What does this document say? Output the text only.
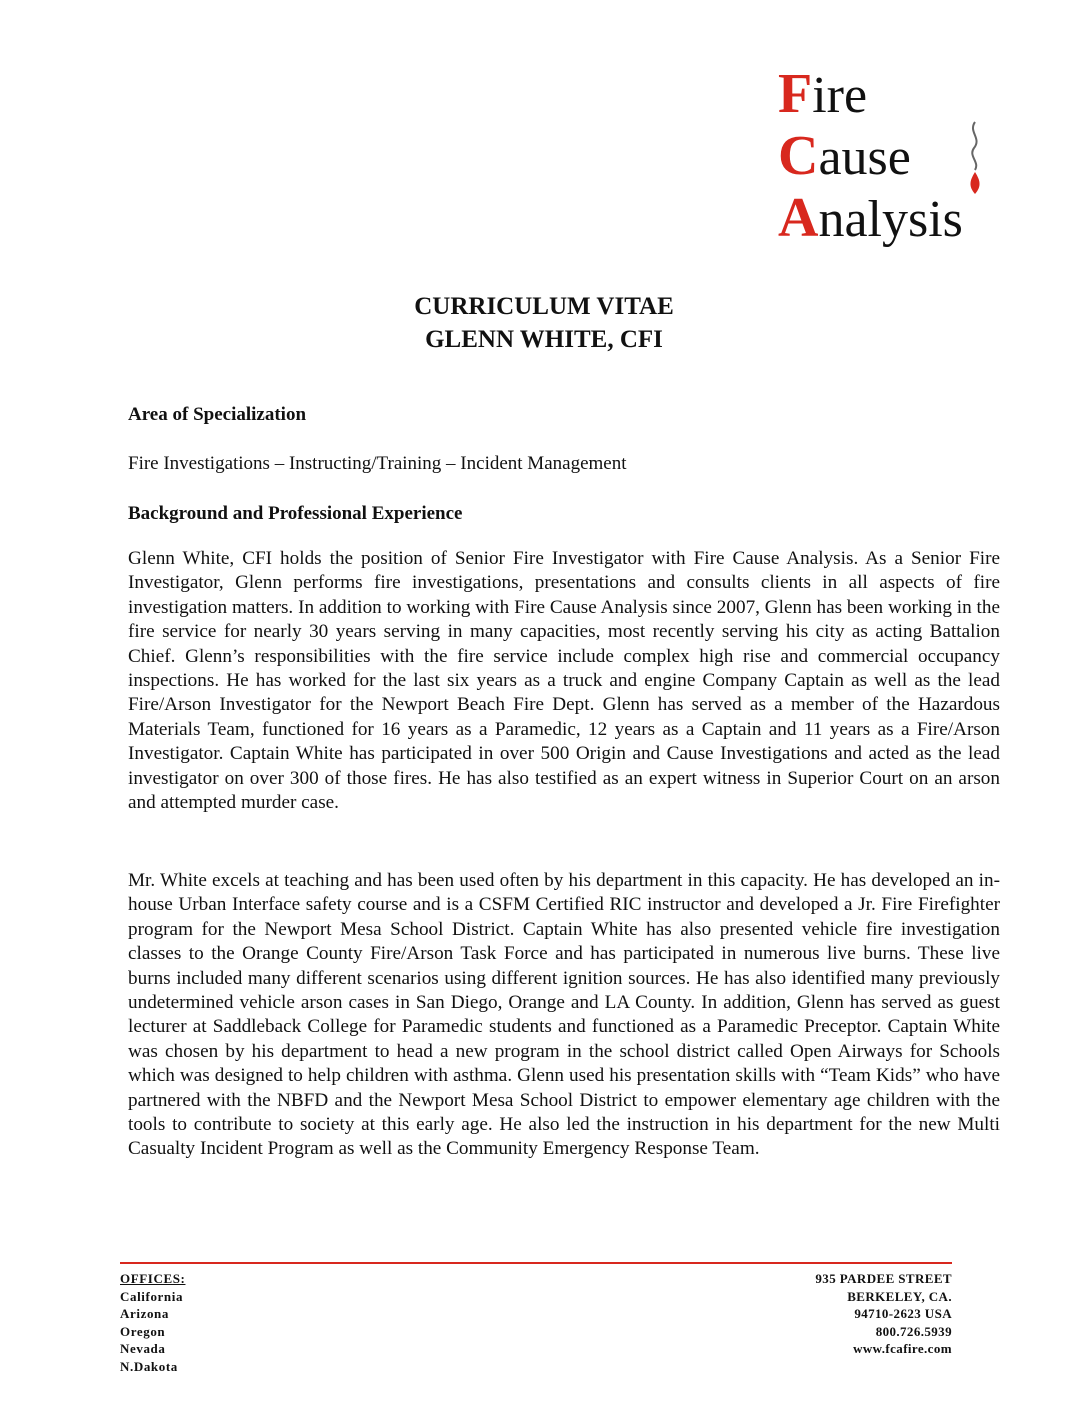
Fire
Cause
Analysis
CURRICULUM VITAE
GLENN WHITE, CFI
Area of Specialization
Fire Investigations – Instructing/Training – Incident Management
Background and Professional Experience
Glenn White, CFI holds the position of Senior Fire Investigator with Fire Cause Analysis. As a Senior Fire Investigator, Glenn performs fire investigations, presentations and consults clients in all aspects of fire investigation matters. In addition to working with Fire Cause Analysis since 2007, Glenn has been working in the fire service for nearly 30 years serving in many capacities, most recently serving his city as acting Battalion Chief. Glenn’s responsibilities with the fire service include complex high rise and commercial occupancy inspections. He has worked for the last six years as a truck and engine Company Captain as well as the lead Fire/Arson Investigator for the Newport Beach Fire Dept. Glenn has served as a member of the Hazardous Materials Team, functioned for 16 years as a Paramedic, 12 years as a Captain and 11 years as a Fire/Arson Investigator. Captain White has participated in over 500 Origin and Cause Investigations and acted as the lead investigator on over 300 of those fires. He has also testified as an expert witness in Superior Court on an arson and attempted murder case.
Mr. White excels at teaching and has been used often by his department in this capacity. He has developed an in-house Urban Interface safety course and is a CSFM Certified RIC instructor and developed a Jr. Fire Firefighter program for the Newport Mesa School District. Captain White has also presented vehicle fire investigation classes to the Orange County Fire/Arson Task Force and has participated in numerous live burns. These live burns included many different scenarios using different ignition sources. He has also identified many previously undetermined vehicle arson cases in San Diego, Orange and LA County. In addition, Glenn has served as guest lecturer at Saddleback College for Paramedic students and functioned as a Paramedic Preceptor. Captain White was chosen by his department to head a new program in the school district called Open Airways for Schools which was designed to help children with asthma. Glenn used his presentation skills with “Team Kids” who have partnered with the NBFD and the Newport Mesa School District to empower elementary age children with the tools to contribute to society at this early age. He also led the instruction in his department for the new Multi Casualty Incident Program as well as the Community Emergency Response Team.
OFFICES:
California
Arizona
Oregon
Nevada
N.Dakota
935 PARDEE STREET
BERKELEY, CA.
94710-2623 USA
800.726.5939
www.fcafire.com
